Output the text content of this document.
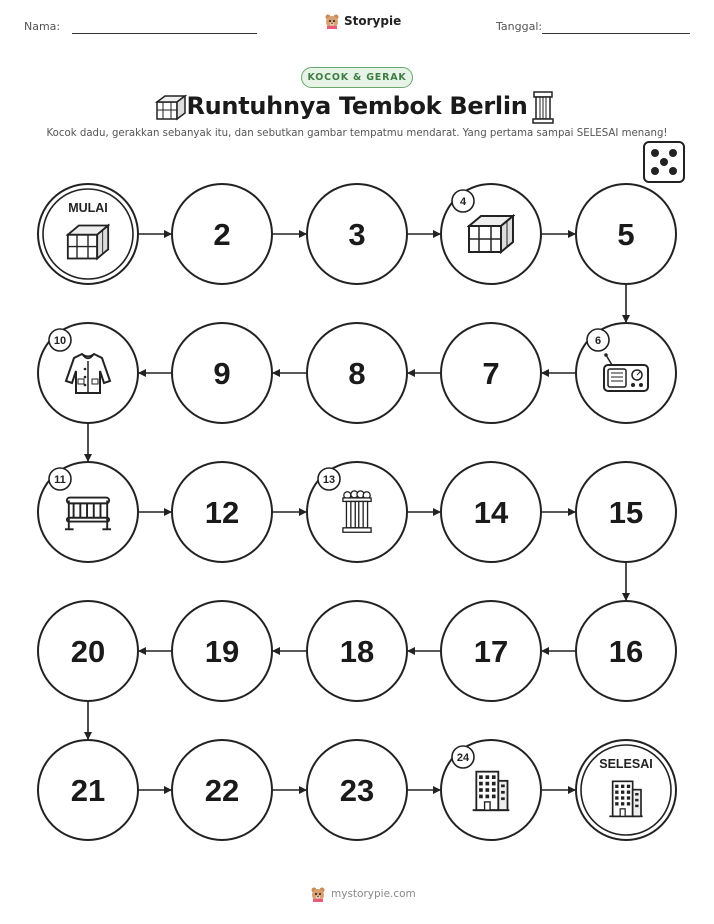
Nama:	Storypie	Tanggal:
KOCOK & GERAK
Runtuhnya Tembok Berlin
Kocok dadu, gerakkan sebanyak itu, dan sebutkan gambar tempatmu mendarat. Yang pertama sampai SELESAI menang!
MULAI
2	3
4
5
6
7
8
9
10
11
12
13
14	15
16
17
18
19
20
21	22	23
24	SELESAI
mystorypie.com
